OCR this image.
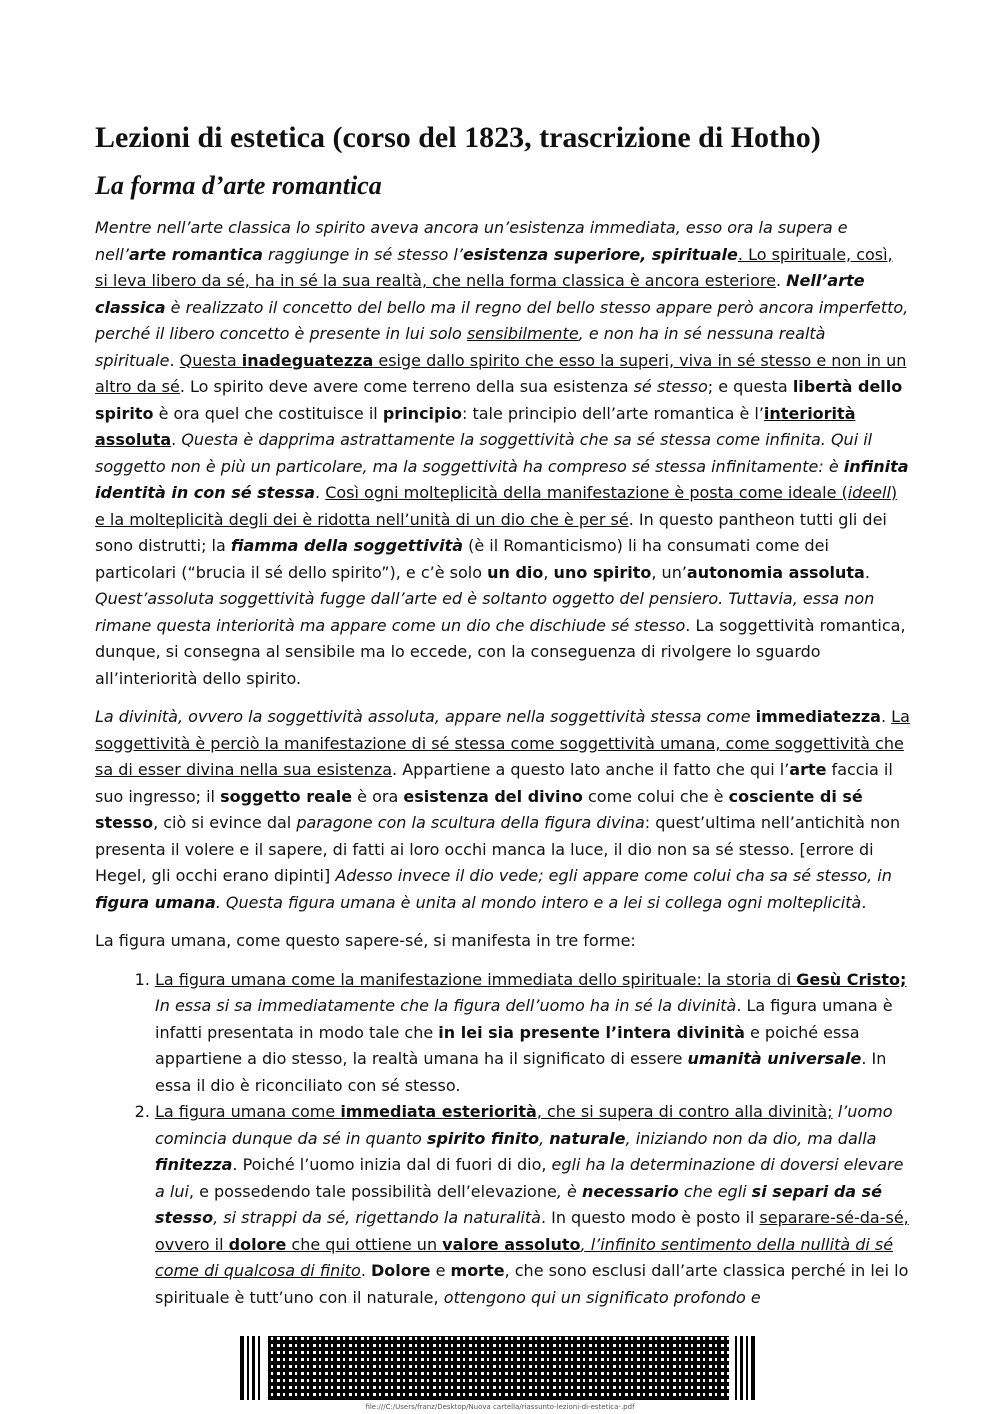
Lezioni di estetica (corso del 1823, trascrizione di Hotho)
La forma d’arte romantica

Mentre nell’arte classica lo spirito aveva ancora un’esistenza immediata, esso ora la supera e nell’arte romantica raggiunge in sé stesso l’esistenza superiore, spirituale. Lo spirituale, così, si leva libero da sé, ha in sé la sua realtà, che nella forma classica è ancora esteriore. Nell’arte classica è realizzato il concetto del bello ma il regno del bello stesso appare però ancora imperfetto, perché il libero concetto è presente in lui solo sensibilmente, e non ha in sé nessuna realtà spirituale. Questa inadeguatezza esige dallo spirito che esso la superi, viva in sé stesso e non in un altro da sé. Lo spirito deve avere come terreno della sua esistenza sé stesso; e questa libertà dello spirito è ora quel che costituisce il principio: tale principio dell’arte romantica è l’interiorità assoluta. Questa è dapprima astrattamente la soggettività che sa sé stessa come infinita. Qui il soggetto non è più un particolare, ma la soggettività ha compreso sé stessa infinitamente: è infinita identità in con sé stessa. Così ogni molteplicità della manifestazione è posta come ideale (ideell) e la molteplicità degli dei è ridotta nell’unità di un dio che è per sé. In questo pantheon tutti gli dei sono distrutti; la fiamma della soggettività (è il Romanticismo) li ha consumati come dei particolari (“brucia il sé dello spirito”), e c’è solo un dio, uno spirito, un’autonomia assoluta. Quest’assoluta soggettività fugge dall’arte ed è soltanto oggetto del pensiero. Tuttavia, essa non rimane questa interiorità ma appare come un dio che dischiude sé stesso. La soggettività romantica, dunque, si consegna al sensibile ma lo eccede, con la conseguenza di rivolgere lo sguardo all’interiorità dello spirito.

La divinità, ovvero la soggettività assoluta, appare nella soggettività stessa come immediatezza. La soggettività è perciò la manifestazione di sé stessa come soggettività umana, come soggettività che sa di esser divina nella sua esistenza. Appartiene a questo lato anche il fatto che qui l’arte faccia il suo ingresso; il soggetto reale è ora esistenza del divino come colui che è cosciente di sé stesso, ciò si evince dal paragone con la scultura della figura divina: quest’ultima nell’antichità non presenta il volere e il sapere, di fatti ai loro occhi manca la luce, il dio non sa sé stesso. [errore di Hegel, gli occhi erano dipinti] Adesso invece il dio vede; egli appare come colui cha sa sé stesso, in figura umana. Questa figura umana è unita al mondo intero e a lei si collega ogni molteplicità.

La figura umana, come questo sapere-sé, si manifesta in tre forme:

1. La figura umana come la manifestazione immediata dello spirituale: la storia di Gesù Cristo; In essa si sa immediatamente che la figura dell’uomo ha in sé la divinità. La figura umana è infatti presentata in modo tale che in lei sia presente l’intera divinità e poiché essa appartiene a dio stesso, la realtà umana ha il significato di essere umanità universale. In essa il dio è riconciliato con sé stesso.
2. La figura umana come immediata esteriorità, che si supera di contro alla divinità; l’uomo comincia dunque da sé in quanto spirito finito, naturale, iniziando non da dio, ma dalla finitezza. Poiché l’uomo inizia dal di fuori di dio, egli ha la determinazione di doversi elevare a lui, e possedendo tale possibilità dell’elevazione, è necessario che egli si separi da sé stesso, si strappi da sé, rigettando la naturalità. In questo modo è posto il separare-sé-da-sé, ovvero il dolore che qui ottiene un valore assoluto, l’infinito sentimento della nullità di sé come di qualcosa di finito. Dolore e morte, che sono esclusi dall’arte classica perché in lei lo spirituale è tutt’uno con il naturale, ottengono qui un significato profondo e
file:///C:/Users/franz/Desktop/Nuova cartella/riassunto-lezioni-di-estetica-.pdf
